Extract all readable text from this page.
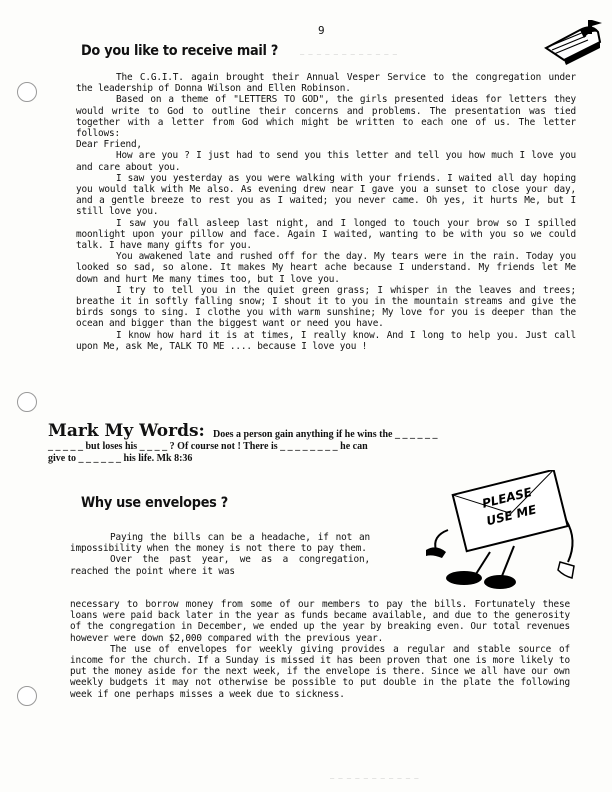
9
— — — — — — — — — — — —
Do you like to receive mail ?

The C.G.I.T. again brought their Annual Vesper Service to the congregation under the leadership of Donna Wilson and Ellen Robinson.

Based on a theme of "LETTERS TO GOD", the girls presented ideas for letters they would write to God to outline their concerns and problems. The presentation was tied together with a letter from God which might be written to each one of us. The letter follows:

Dear Friend,

How are you ? I just had to send you this letter and tell you how much I love you and care about you.

I saw you yesterday as you were walking with your friends. I waited all day hoping you would talk with Me also. As evening drew near I gave you a sunset to close your day, and a gentle breeze to rest you as I waited; you never came. Oh yes, it hurts Me, but I still love you.

I saw you fall asleep last night, and I longed to touch your brow so I spilled moonlight upon your pillow and face. Again I waited, wanting to be with you so we could talk. I have many gifts for you.

You awakened late and rushed off for the day. My tears were in the rain. Today you looked so sad, so alone. It makes My heart ache because I understand. My friends let Me down and hurt Me many times too, but I love you.

I try to tell you in the quiet green grass; I whisper in the leaves and trees; breathe it in softly falling snow; I shout it to you in the mountain streams and give the birds songs to sing. I clothe you with warm sunshine; My love for you is deeper than the ocean and bigger than the biggest want or need you have.

I know how hard it is at times, I really know. And I long to help you. Just call upon Me, ask Me, TALK TO ME .... because I love you !

Mark My Words: Does a person gain anything if he wins the _ _ _ _ _ _
_ _ _ _ _ but loses his _ _ _ _ ? Of course not ! There is _ _ _ _ _ _ _ _ he can
give to _ _ _ _ _ _ his life. Mk 8:36
Why use envelopes ?

Paying the bills can be a headache, if not an impossibility when the money is not there to pay them.

Over the past year, we as a congregation, reached the point where it was

necessary to borrow money from some of our members to pay the bills. Fortunately these loans were paid back later in the year as funds became available, and due to the generosity of the congregation in December, we ended up the year by breaking even. Our total revenues however were down $2,000 compared with the previous year.

The use of envelopes for weekly giving provides a regular and stable source of income for the church. If a Sunday is missed it has been proven that one is more likely to put the money aside for the next week, if the envelope is there. Since we all have our own weekly budgets it may not otherwise be possible to put double in the plate the following week if one perhaps misses a week due to sickness.

PLEASE
USE ME
— — — — — — — — — — —
